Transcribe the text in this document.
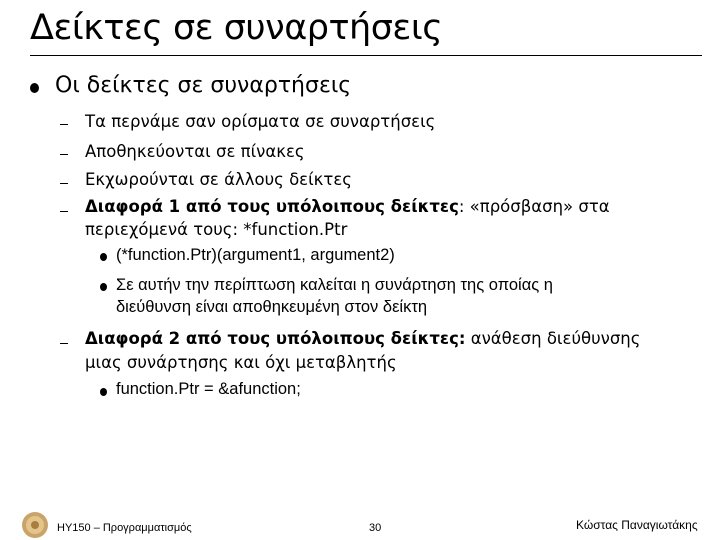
Δείκτες σε συναρτήσεις
Οι δείκτες σε συναρτήσεις
Τα περνάμε σαν ορίσματα σε συναρτήσεις
Αποθηκεύονται σε πίνακες
Εκχωρούνται σε άλλους δείκτες
Διαφορά 1 από τους υπόλοιπους δείκτες: «πρόσβαση» στα
περιεχόμενά τους: *function.Ptr
(*function.Ptr)(argument1, argument2)
Σε αυτήν την περίπτωση καλείται η συνάρτηση της οποίας η
διεύθυνση είναι αποθηκευμένη στον δείκτη
Διαφορά 2 από τους υπόλοιπους δείκτες: ανάθεση διεύθυνσης
μιας συνάρτησης και όχι μεταβλητής
function.Ptr = &afunction;
ΗΥ150 – Προγραμματισμός	30	Κώστας Παναγιωτάκης
